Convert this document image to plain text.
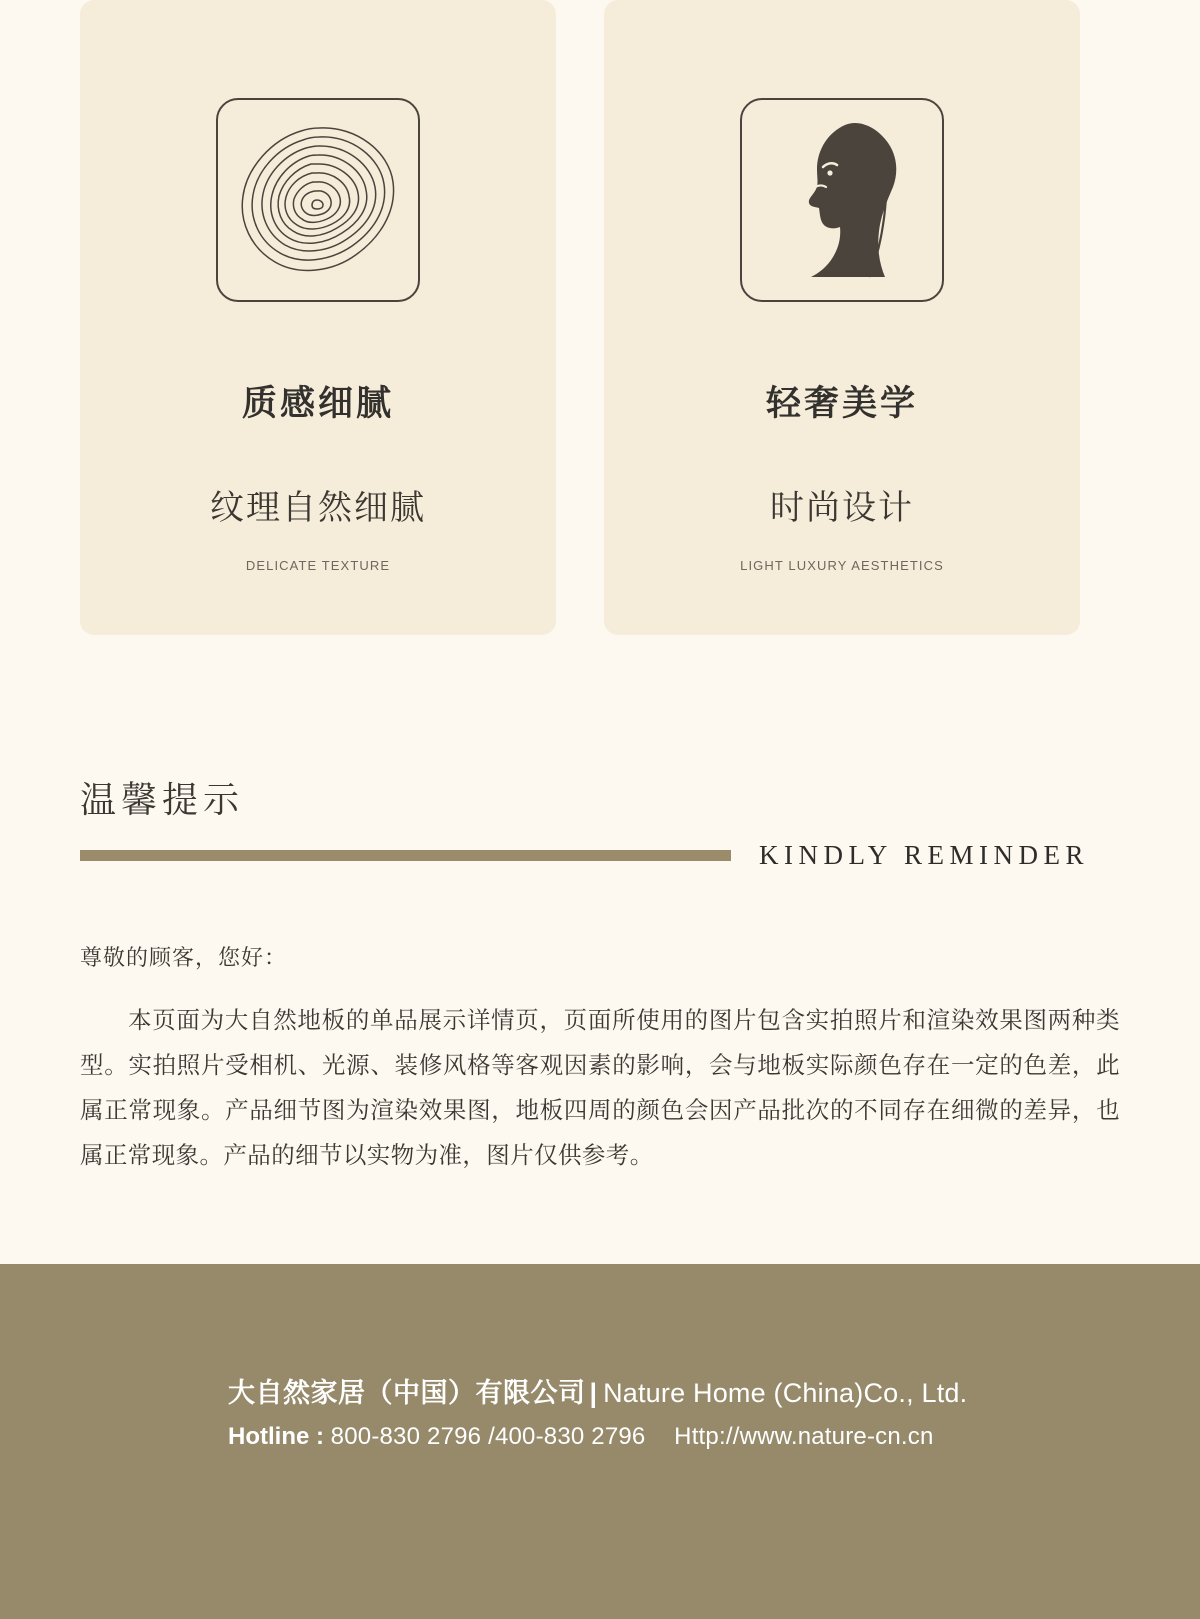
质感细腻
纹理自然细腻
DELICATE TEXTURE
轻奢美学
时尚设计
LIGHT LUXURY AESTHETICS
温馨提示
KINDLY REMINDER
尊敬的顾客，您好：

本页面为大自然地板的单品展示详情页，页面所使用的图片包含实拍照片和渲染效果图两种类型。实拍照片受相机、光源、装修风格等客观因素的影响，会与地板实际颜色存在一定的色差，此属正常现象。产品细节图为渲染效果图，地板四周的颜色会因产品批次的不同存在细微的差异，也属正常现象。产品的细节以实物为准，图片仅供参考。

大自然家居（中国）有限公司 | Nature Home (China)Co., Ltd.
Hotline : 800-830 2796 /400-830 2796 Http://www.nature-cn.cn
